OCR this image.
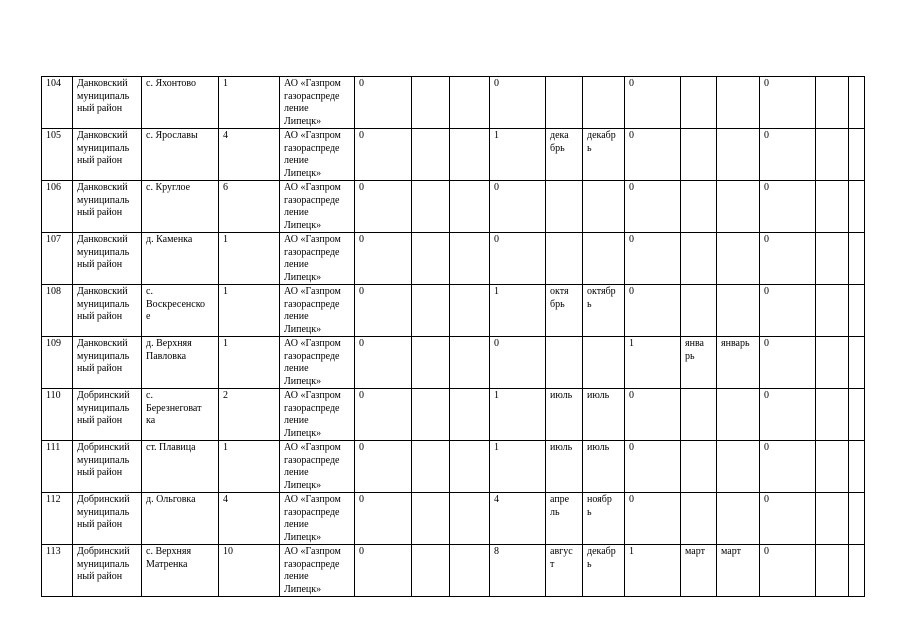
104	Данковский
муниципаль
ный район	с. Яхонтово	1	АО «Газпром
газораспреде
ление
Липецк»	0			0			0			0		
105	Данковский
муниципаль
ный район	с. Ярославы	4	АО «Газпром
газораспреде
ление
Липецк»	0			1	дека
брь	декабр
ь	0			0		
106	Данковский
муниципаль
ный район	с. Круглое	6	АО «Газпром
газораспреде
ление
Липецк»	0			0			0			0		
107	Данковский
муниципаль
ный район	д. Каменка	1	АО «Газпром
газораспреде
ление
Липецк»	0			0			0			0		
108	Данковский
муниципаль
ный район	с.
Воскресенско
е	1	АО «Газпром
газораспреде
ление
Липецк»	0			1	октя
брь	октябр
ь	0			0		
109	Данковский
муниципаль
ный район	д. Верхняя
Павловка	1	АО «Газпром
газораспреде
ление
Липецк»	0			0			1	янва
рь	январь	0		
110	Добринский
муниципаль
ный район	с.
Березнеговат
ка	2	АО «Газпром
газораспреде
ление
Липецк»	0			1	июль	июль	0			0		
111	Добринский
муниципаль
ный район	ст. Плавица	1	АО «Газпром
газораспреде
ление
Липецк»	0			1	июль	июль	0			0		
112	Добринский
муниципаль
ный район	д. Ольговка	4	АО «Газпром
газораспреде
ление
Липецк»	0			4	апре
ль	ноябр
ь	0			0		
113	Добринский
муниципаль
ный район	с. Верхняя
Матренка	10	АО «Газпром
газораспреде
ление
Липецк»	0			8	авгус
т	декабр
ь	1	март	март	0		
